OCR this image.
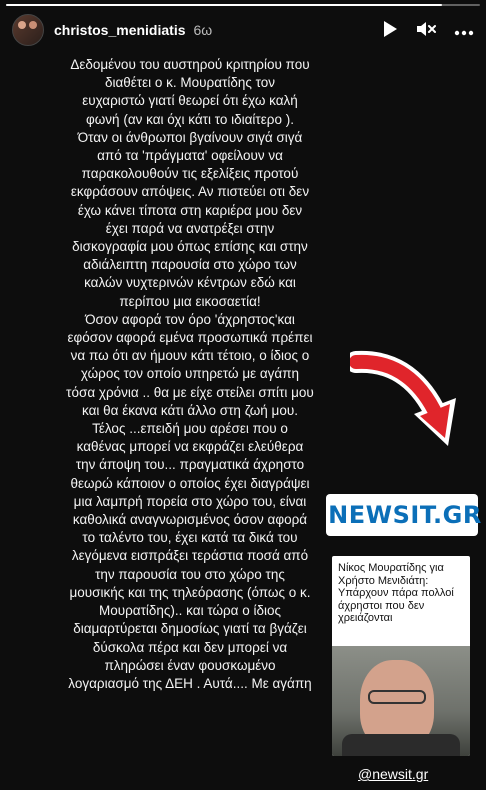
christos_menidiatis 6ω

Δεδομένου του αυστηρού κριτηρίου που

διαθέτει ο κ. Μουρατίδης τον

ευχαριστώ γιατί θεωρεί ότι έχω καλή

φωνή (αν και όχι κάτι το ιδιαίτερο ).

Όταν οι άνθρωποι βγαίνουν σιγά σιγά

από τα 'πράγματα' οφείλουν να

παρακολουθούν τις εξελίξεις προτού

εκφράσουν απόψεις. Αν πιστεύει οτι δεν

έχω κάνει τίποτα στη καριέρα μου δεν

έχει παρά να ανατρέξει στην

δισκογραφία μου όπως επίσης και στην

αδιάλειπτη παρουσία στο χώρο των

καλών νυχτερινών κέντρων εδώ και

περίπου μια εικοσαετία!

Όσον αφορά τον όρο 'άχρηστος'και

εφόσον αφορά εμένα προσωπικά πρέπει

να πω ότι αν ήμουν κάτι τέτοιο, ο ίδιος ο

χώρος τον οποίο υπηρετώ με αγάπη

τόσα χρόνια .. θα με είχε στείλει σπίτι μου

και θα έκανα κάτι άλλο στη ζωή μου.

Τέλος ...επειδή μου αρέσει που ο

καθένας μπορεί να εκφράζει ελεύθερα

την άποψη του... πραγματικά άχρηστο

θεωρώ κάποιον ο οποίος έχει διαγράψει

μια λαμπρή πορεία στο χώρο του, είναι

καθολικά αναγνωρισμένος όσον αφορά

το ταλέντο του, έχει κατά τα δικά του

λεγόμενα εισπράξει τεράστια ποσά από

την παρουσία του στο χώρο της

μουσικής και της τηλεόρασης (όπως ο κ.

Μουρατίδης).. και τώρα ο ίδιος

διαμαρτύρεται δημοσίως γιατί τα βγάζει

δύσκολα πέρα και δεν μπορεί να

πληρώσει έναν φουσκωμένο

λογαριασμό της ΔΕΗ . Αυτά.... Με αγάπη

NEWSIT.GR
Νίκος Μουρατίδης για Χρήστο Μενιδιάτη: Υπάρχουν πάρα πολλοί άχρηστοι που δεν χρειάζονται
@newsit.gr
